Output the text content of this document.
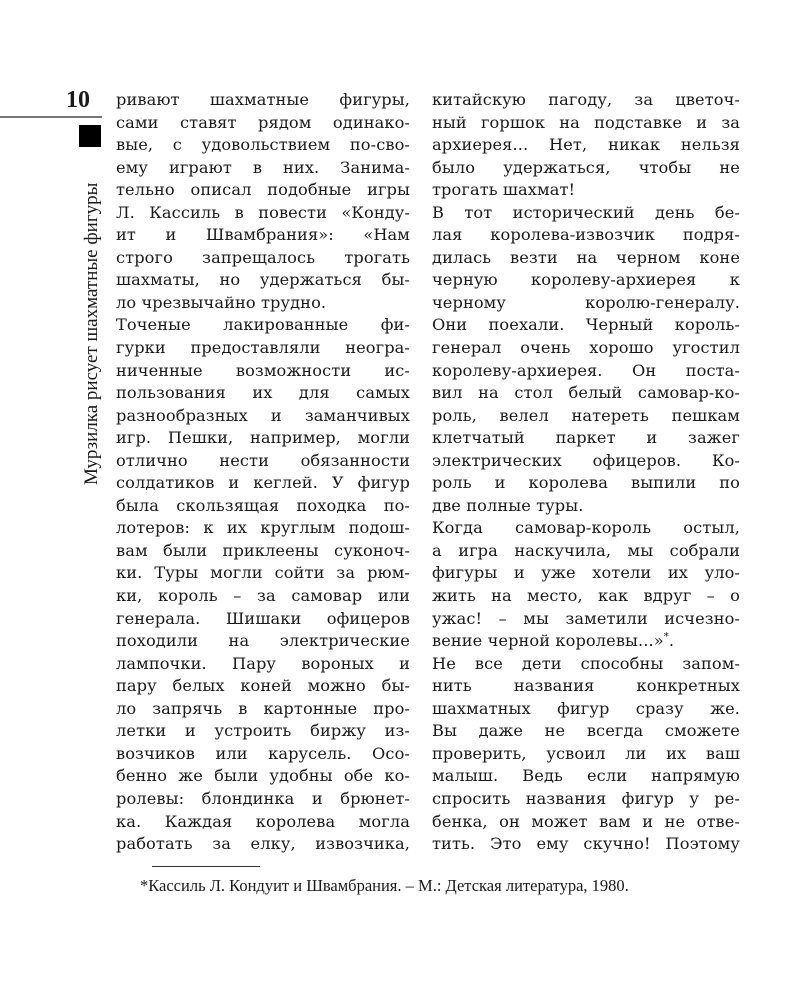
10
Мурзилка рисует шахматные фигуры
ривают шахматные фигуры,
сами ставят рядом одинако-
вые, с удовольствием по-сво-
ему играют в них. Занима-
тельно описал подобные игры
Л. Кассиль в повести «Конду-
ит и Швамбрания»: «Нам
строго запрещалось трогать
шахматы, но удержаться бы-
ло чрезвычайно трудно.
Точеные лакированные фи-
гурки предоставляли неогра-
ниченные возможности ис-
пользования их для самых
разнообразных и заманчивых
игр. Пешки, например, могли
отлично нести обязанности
солдатиков и кеглей. У фигур
была скользящая походка по-
лотеров: к их круглым подош-
вам были приклеены суконоч-
ки. Туры могли сойти за рюм-
ки, король – за самовар или
генерала. Шишаки офицеров
походили на электрические
лампочки. Пару вороных и
пару белых коней можно бы-
ло запрячь в картонные про-
летки и устроить биржу из-
возчиков или карусель. Осо-
бенно же были удобны обе ко-
ролевы: блондинка и брюнет-
ка. Каждая королева могла
работать за елку, извозчика,
китайскую пагоду, за цветоч-
ный горшок на подставке и за
архиерея... Нет, никак нельзя
было удержаться, чтобы не
трогать шахмат!
В тот исторический день бе-
лая королева-извозчик подря-
дилась везти на черном коне
черную королеву-архиерея к
черному королю-генералу.
Они поехали. Черный король-
генерал очень хорошо угостил
королеву-архиерея. Он поста-
вил на стол белый самовар-ко-
роль, велел натереть пешкам
клетчатый паркет и зажег
электрических офицеров. Ко-
роль и королева выпили по
две полные туры.
Когда самовар-король остыл,
а игра наскучила, мы собрали
фигуры и уже хотели их уло-
жить на место, как вдруг – о
ужас! – мы заметили исчезно-
вение черной королевы...»*.
Не все дети способны запом-
нить названия конкретных
шахматных фигур сразу же.
Вы даже не всегда сможете
проверить, усвоил ли их ваш
малыш. Ведь если напрямую
спросить названия фигур у ре-
бенка, он может вам и не отве-
тить. Это ему скучно! Поэтому
*Кассиль Л. Кондуит и Швамбрания. – М.: Детская литература, 1980.
